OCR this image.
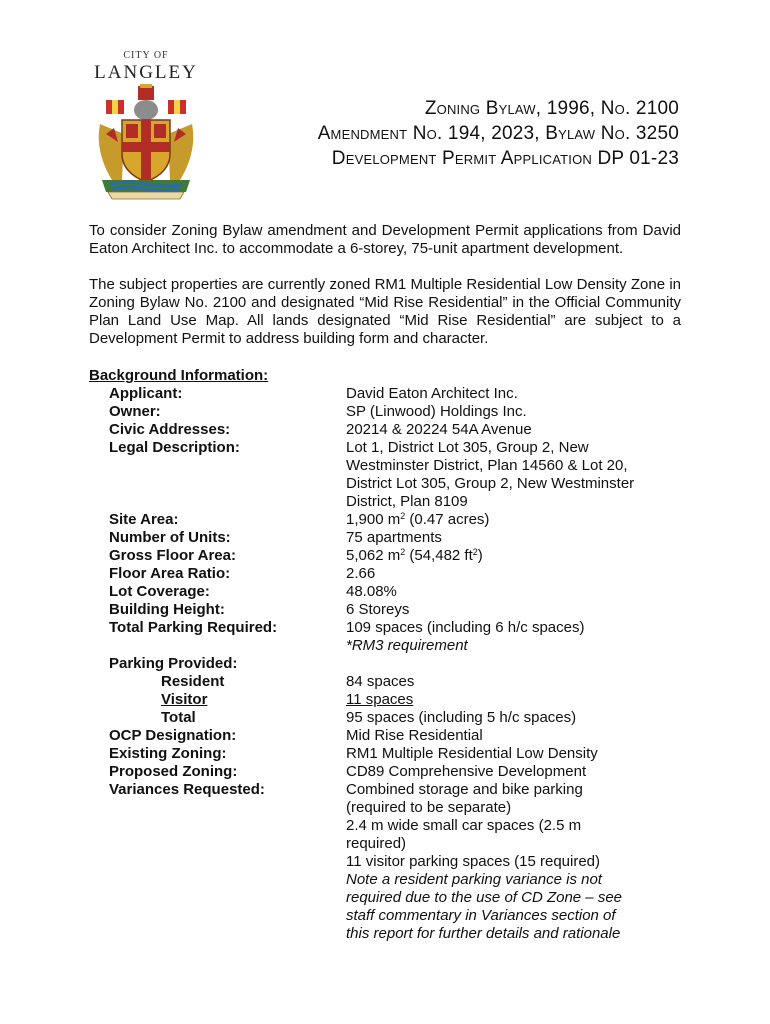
CITY OF
LANGLEY
Zoning Bylaw, 1996, No. 2100
Amendment No. 194, 2023, Bylaw No. 3250
Development Permit Application DP 01-23
To consider Zoning Bylaw amendment and Development Permit applications from David Eaton Architect Inc. to accommodate a 6-storey, 75-unit apartment development.
The subject properties are currently zoned RM1 Multiple Residential Low Density Zone in Zoning Bylaw No. 2100 and designated “Mid Rise Residential” in the Official Community Plan Land Use Map. All lands designated “Mid Rise Residential” are subject to a Development Permit to address building form and character.
Background Information:
Applicant:
Owner:
Civic Addresses:
Legal Description:
Site Area:
Number of Units:
Gross Floor Area:
Floor Area Ratio:
Lot Coverage:
Building Height:
Total Parking Required:
Parking Provided:
Resident
Visitor
Total
OCP Designation:
Existing Zoning:
Proposed Zoning:
Variances Requested:
David Eaton Architect Inc.
SP (Linwood) Holdings Inc.
20214 & 20224 54A Avenue
Lot 1, District Lot 305, Group 2, New Westminster District, Plan 14560 & Lot 20, District Lot 305, Group 2, New Westminster District, Plan 8109
1,900 $m^2$ (0.47 acres)
75 apartments
5,062 $m^2$ (54,482 $ft^2$)
2.66
48.08%
6 Storeys
109 spaces (including 6 h/c spaces)
*RM3 requirement
84 spaces
11 spaces
95 spaces (including 5 h/c spaces)
Mid Rise Residential
RM1 Multiple Residential Low Density
CD89 Comprehensive Development
Combined storage and bike parking (required to be separate)
2.4 m wide small car spaces (2.5 m required)
11 visitor parking spaces (15 required)
Note a resident parking variance is not required due to the use of CD Zone – see staff commentary in Variances section of this report for further details and rationale
